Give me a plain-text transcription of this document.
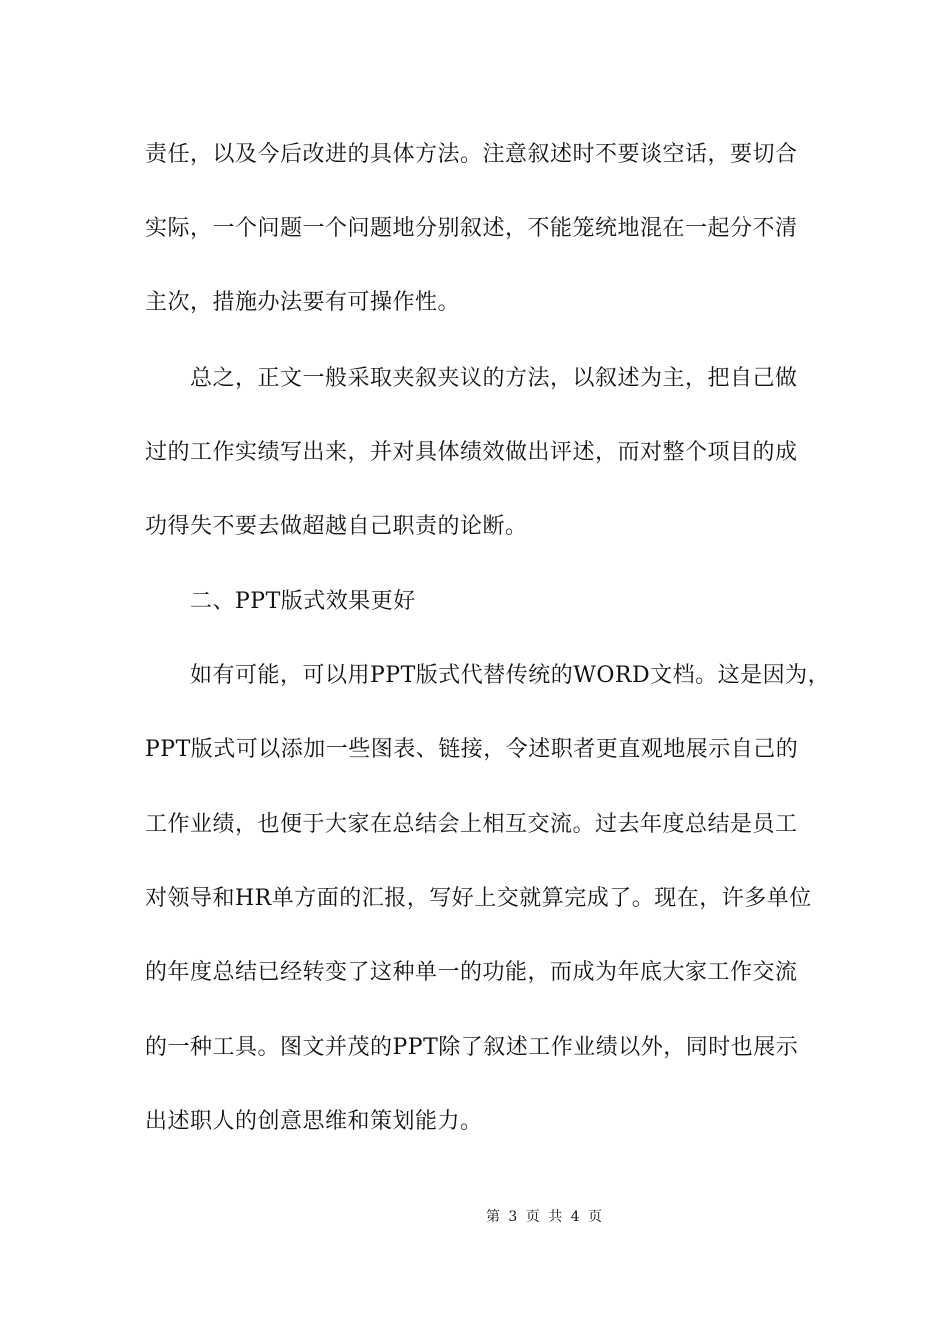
责任，以及今后改进的具体方法。注意叙述时不要谈空话，要切合
实际，一个问题一个问题地分别叙述，不能笼统地混在一起分不清
主次，措施办法要有可操作性。
总之，正文一般采取夹叙夹议的方法，以叙述为主，把自己做
过的工作实绩写出来，并对具体绩效做出评述，而对整个项目的成
功得失不要去做超越自己职责的论断。
二、PPT版式效果更好
如有可能，可以用PPT版式代替传统的WORD文档。这是因为，
PPT版式可以添加一些图表、链接，令述职者更直观地展示自己的
工作业绩，也便于大家在总结会上相互交流。过去年度总结是员工
对领导和HR单方面的汇报，写好上交就算完成了。现在，许多单位
的年度总结已经转变了这种单一的功能，而成为年底大家工作交流
的一种工具。图文并茂的PPT除了叙述工作业绩以外，同时也展示
出述职人的创意思维和策划能力。
第 3 页 共 4 页
